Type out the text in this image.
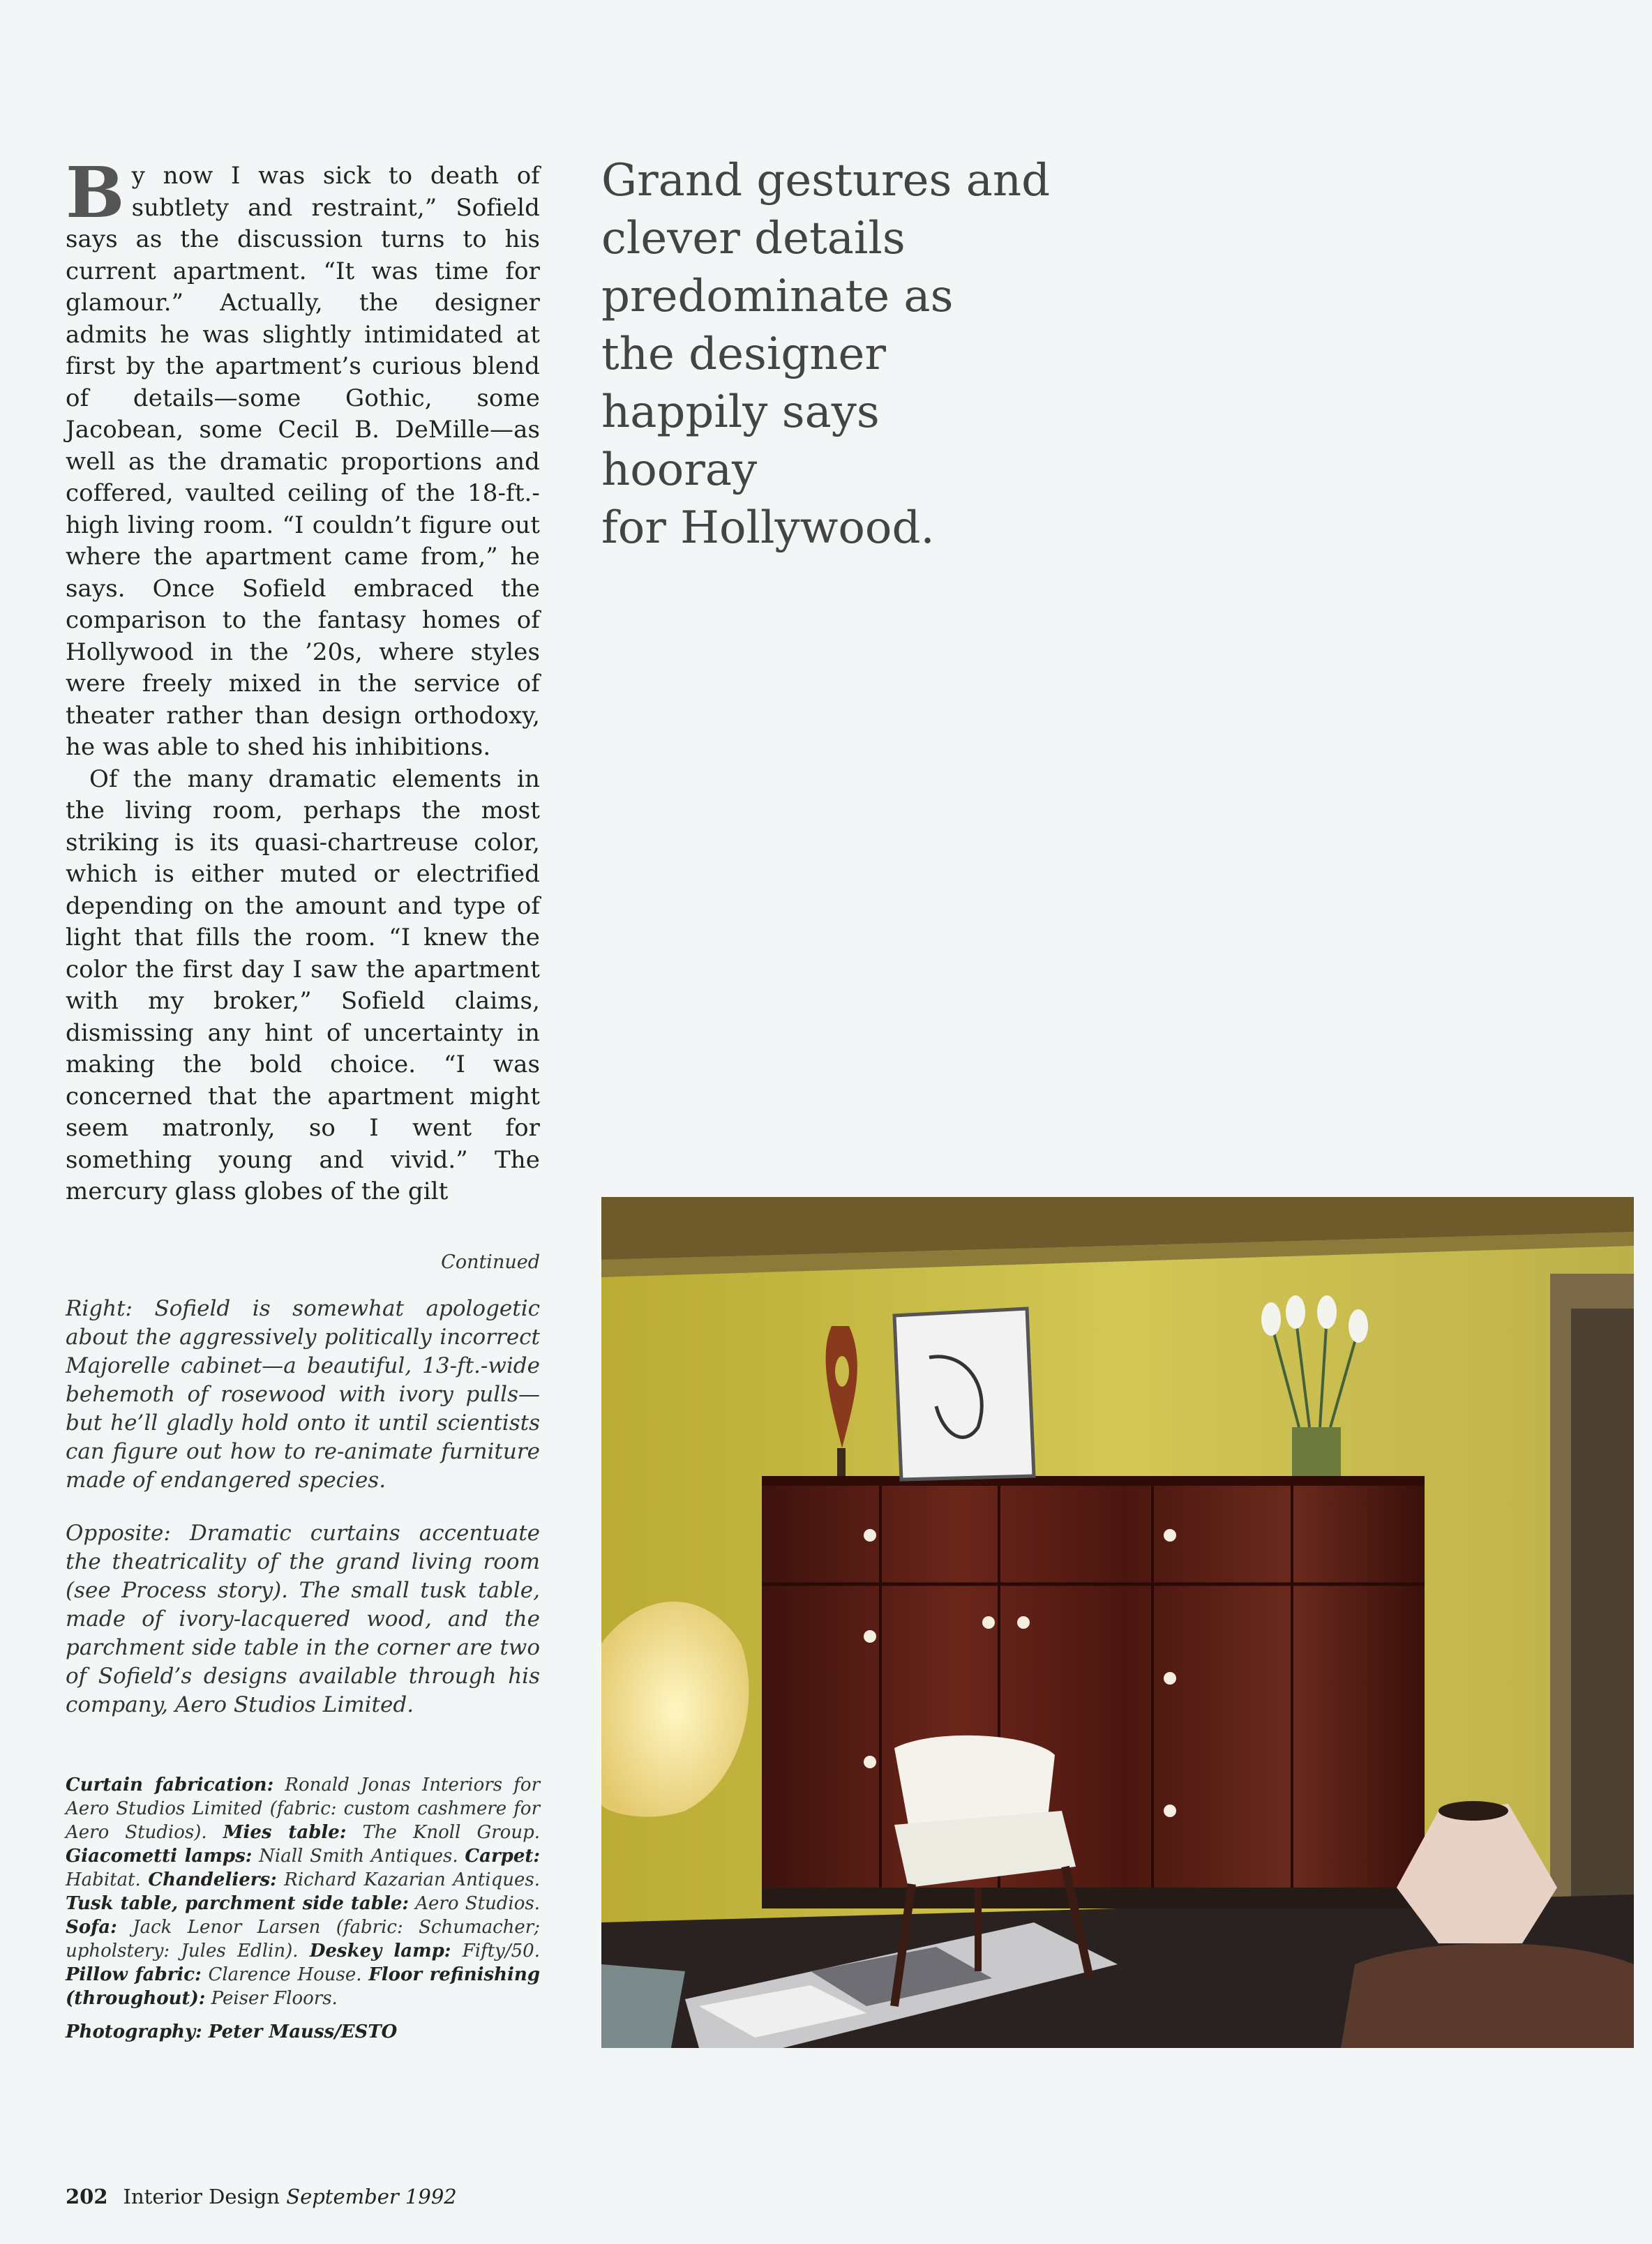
By now I was sick to death of subtlety and restraint,” Sofield says as the discussion turns to his current apartment. “It was time for glamour.” Actually, the designer admits he was slightly intimidated at first by the apartment’s curious blend of details—some Gothic, some Jacobean, some Cecil B. DeMille—as well as the dramatic proportions and coffered, vaulted ceiling of the 18-ft.-high living room. “I couldn’t figure out where the apartment came from,” he says. Once Sofield embraced the comparison to the fantasy homes of Hollywood in the ’20s, where styles were freely mixed in the service of theater rather than design orthodoxy, he was able to shed his inhibitions.

Of the many dramatic elements in the living room, perhaps the most striking is its quasi-chartreuse color, which is either muted or electrified depending on the amount and type of light that fills the room. “I knew the color the first day I saw the apartment with my broker,” Sofield claims, dismissing any hint of uncertainty in making the bold choice. “I was concerned that the apartment might seem matronly, so I went for something young and vivid.” The mercury glass globes of the gilt

Continued
Right: Sofield is somewhat apologetic about the aggressively politically incorrect Majorelle cabinet—a beautiful, 13-ft.-wide behemoth of rosewood with ivory pulls—but he’ll gladly hold onto it until scientists can figure out how to re-animate furniture made of endangered species.
Opposite: Dramatic curtains accentuate the theatricality of the grand living room (see Process story). The small tusk table, made of ivory-lacquered wood, and the parchment side table in the corner are two of Sofield’s designs available through his company, Aero Studios Limited.
Curtain fabrication: Ronald Jonas Interiors for Aero Studios Limited (fabric: custom cashmere for Aero Studios). Mies table: The Knoll Group. Giacometti lamps: Niall Smith Antiques. Carpet: Habitat. Chandeliers: Richard Kazarian Antiques. Tusk table, parchment side table: Aero Studios. Sofa: Jack Lenor Larsen (fabric: Schumacher; upholstery: Jules Edlin). Deskey lamp: Fifty/50. Pillow fabric: Clarence House. Floor refinishing (throughout): Peiser Floors.
Photography: Peter Mauss/ESTO
Grand gestures and
clever details
predominate as
the designer
happily says
hooray
for Hollywood.
202 Interior Design September 1992
